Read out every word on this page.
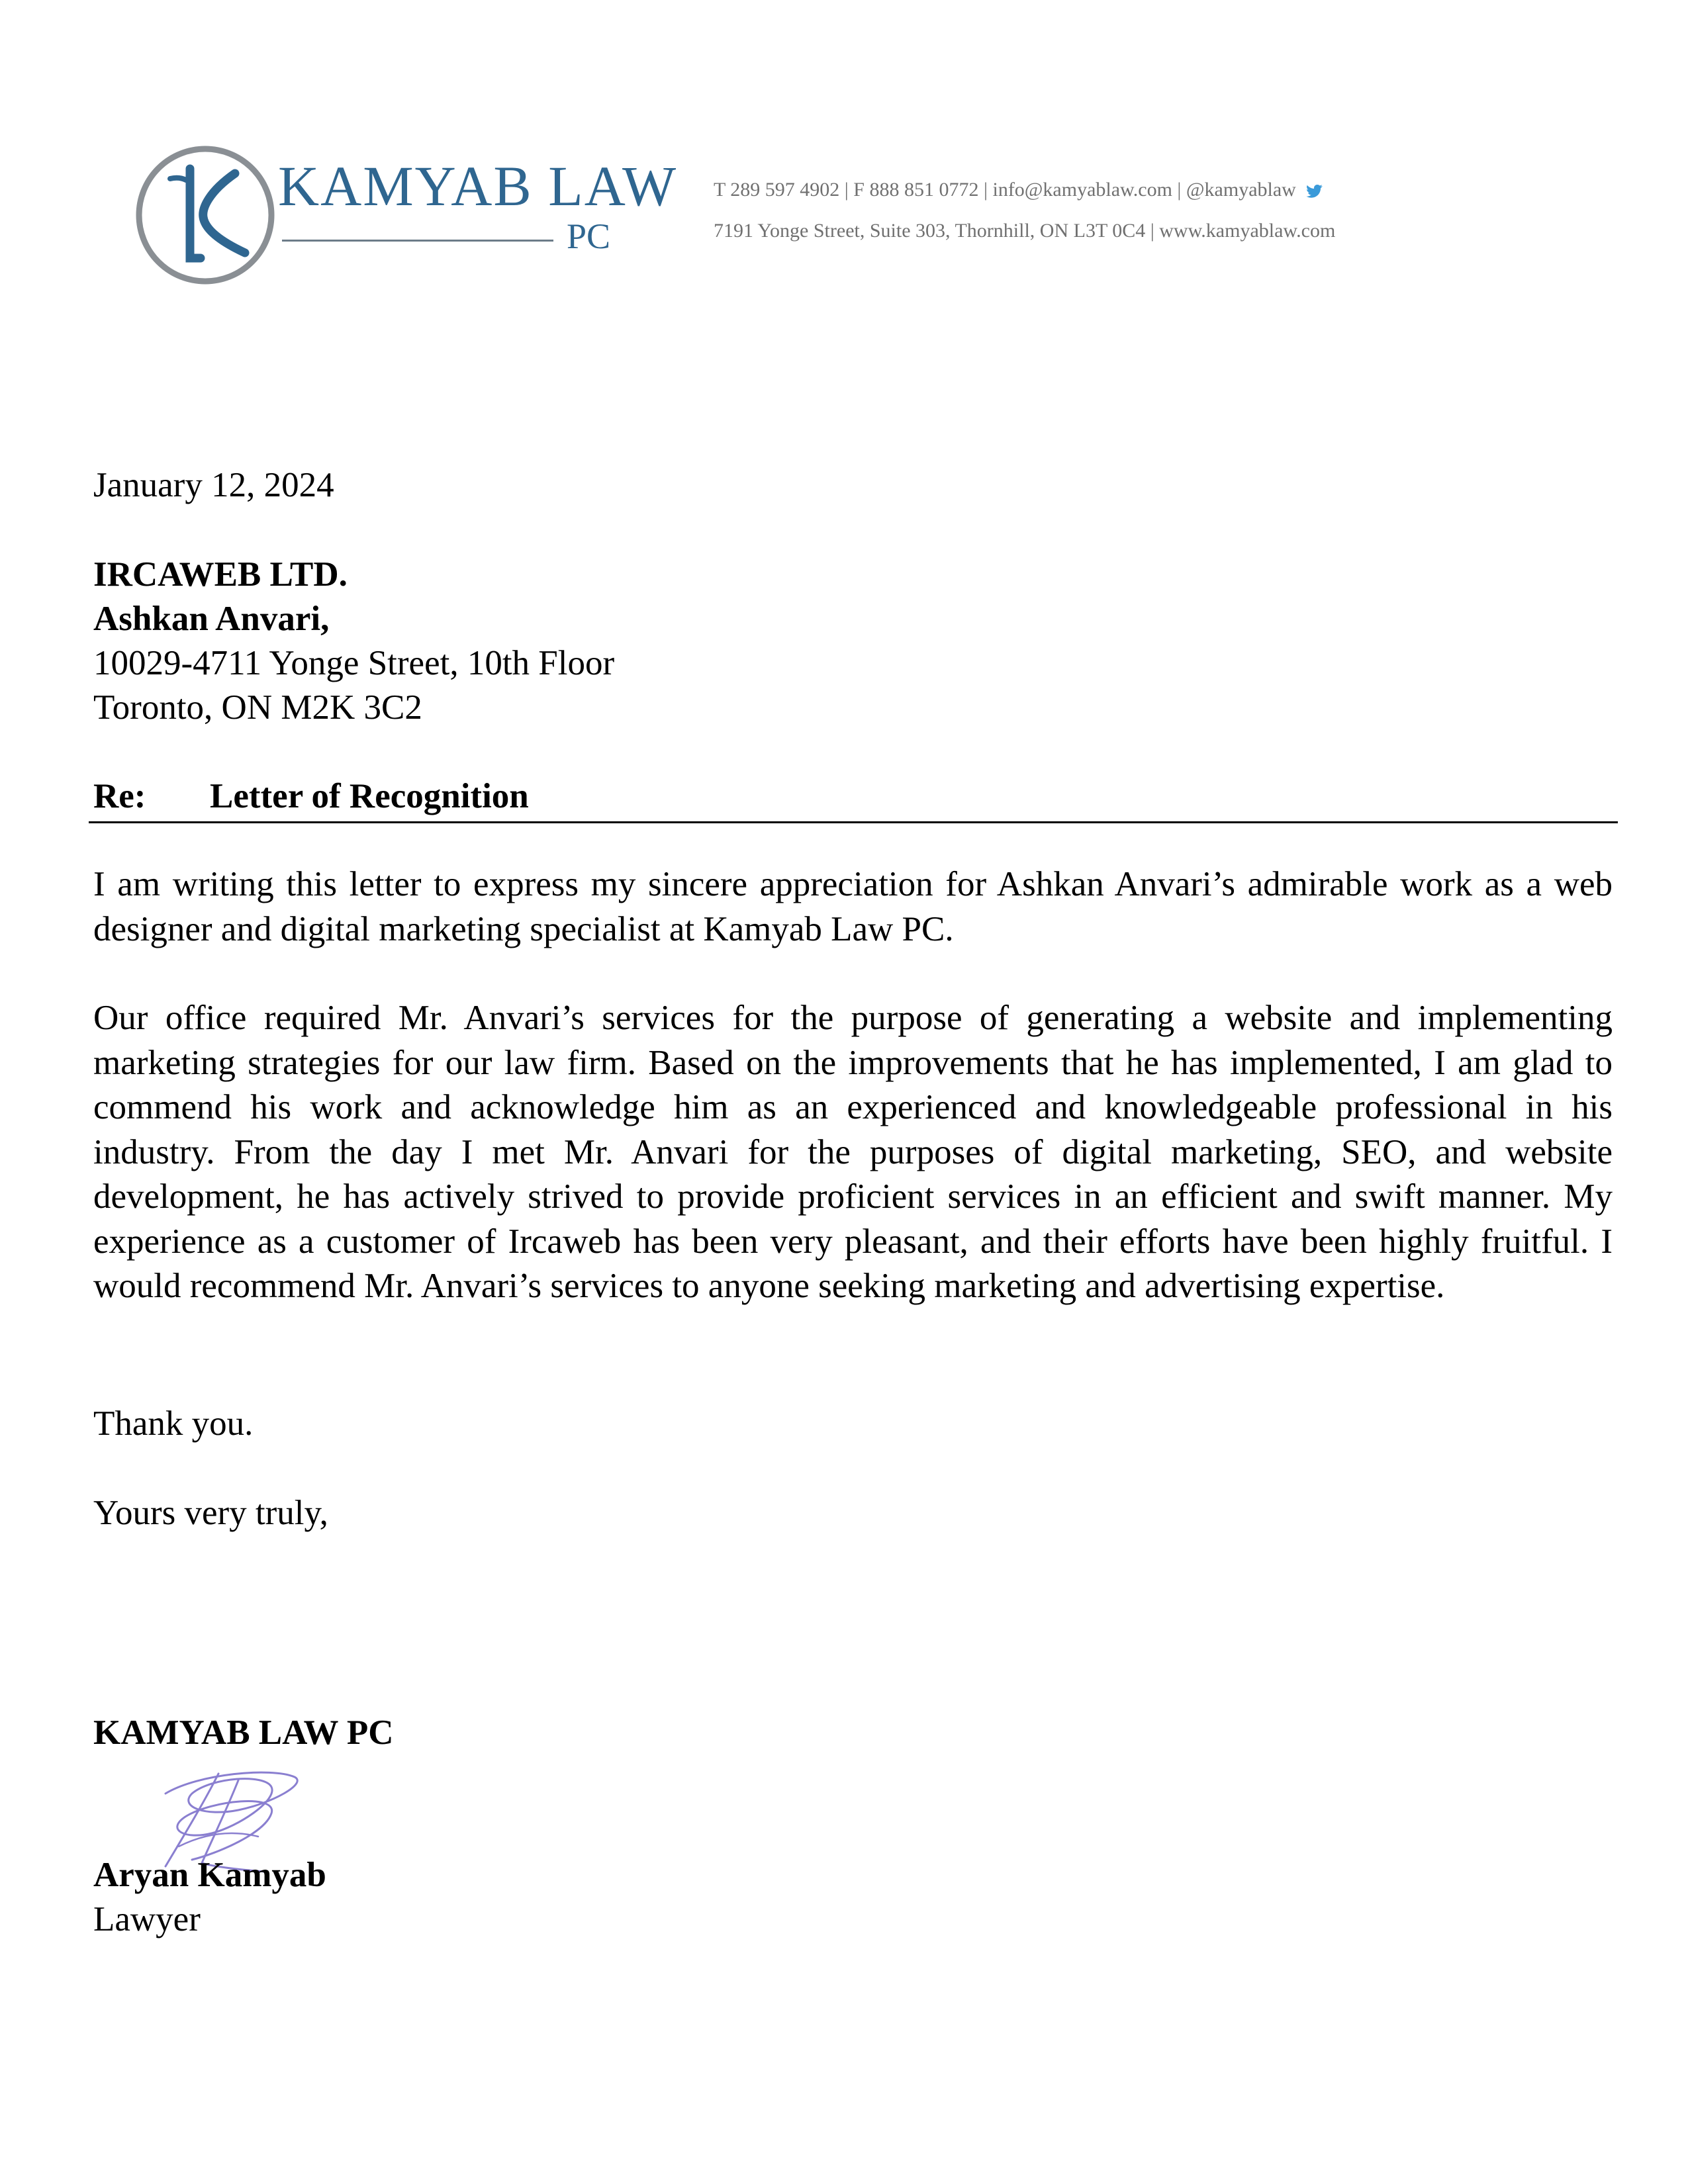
KAMYAB LAW
PC
T 289 597 4902 | F 888 851 0772 | info@kamyablaw.com | @kamyablaw
7191 Yonge Street, Suite 303, Thornhill, ON L3T 0C4 | www.kamyablaw.com
January 12, 2024
IRCAWEB LTD.
Ashkan Anvari,
10029-4711 Yonge Street, 10th Floor
Toronto, ON M2K 3C2
Re: Letter of Recognition

I am writing this letter to express my sincere appreciation for Ashkan Anvari’s admirable work as a web designer and digital marketing specialist at Kamyab Law PC.

Our office required Mr. Anvari’s services for the purpose of generating a website and implementing marketing strategies for our law firm. Based on the improvements that he has implemented, I am glad to commend his work and acknowledge him as an experienced and knowledgeable professional in his industry. From the day I met Mr. Anvari for the purposes of digital marketing, SEO, and website development, he has actively strived to provide proficient services in an efficient and swift manner. My experience as a customer of Ircaweb has been very pleasant, and their efforts have been highly fruitful. I would recommend Mr. Anvari’s services to anyone seeking marketing and advertising expertise.

Thank you.
Yours very truly,
KAMYAB LAW PC
Aryan Kamyab
Lawyer
